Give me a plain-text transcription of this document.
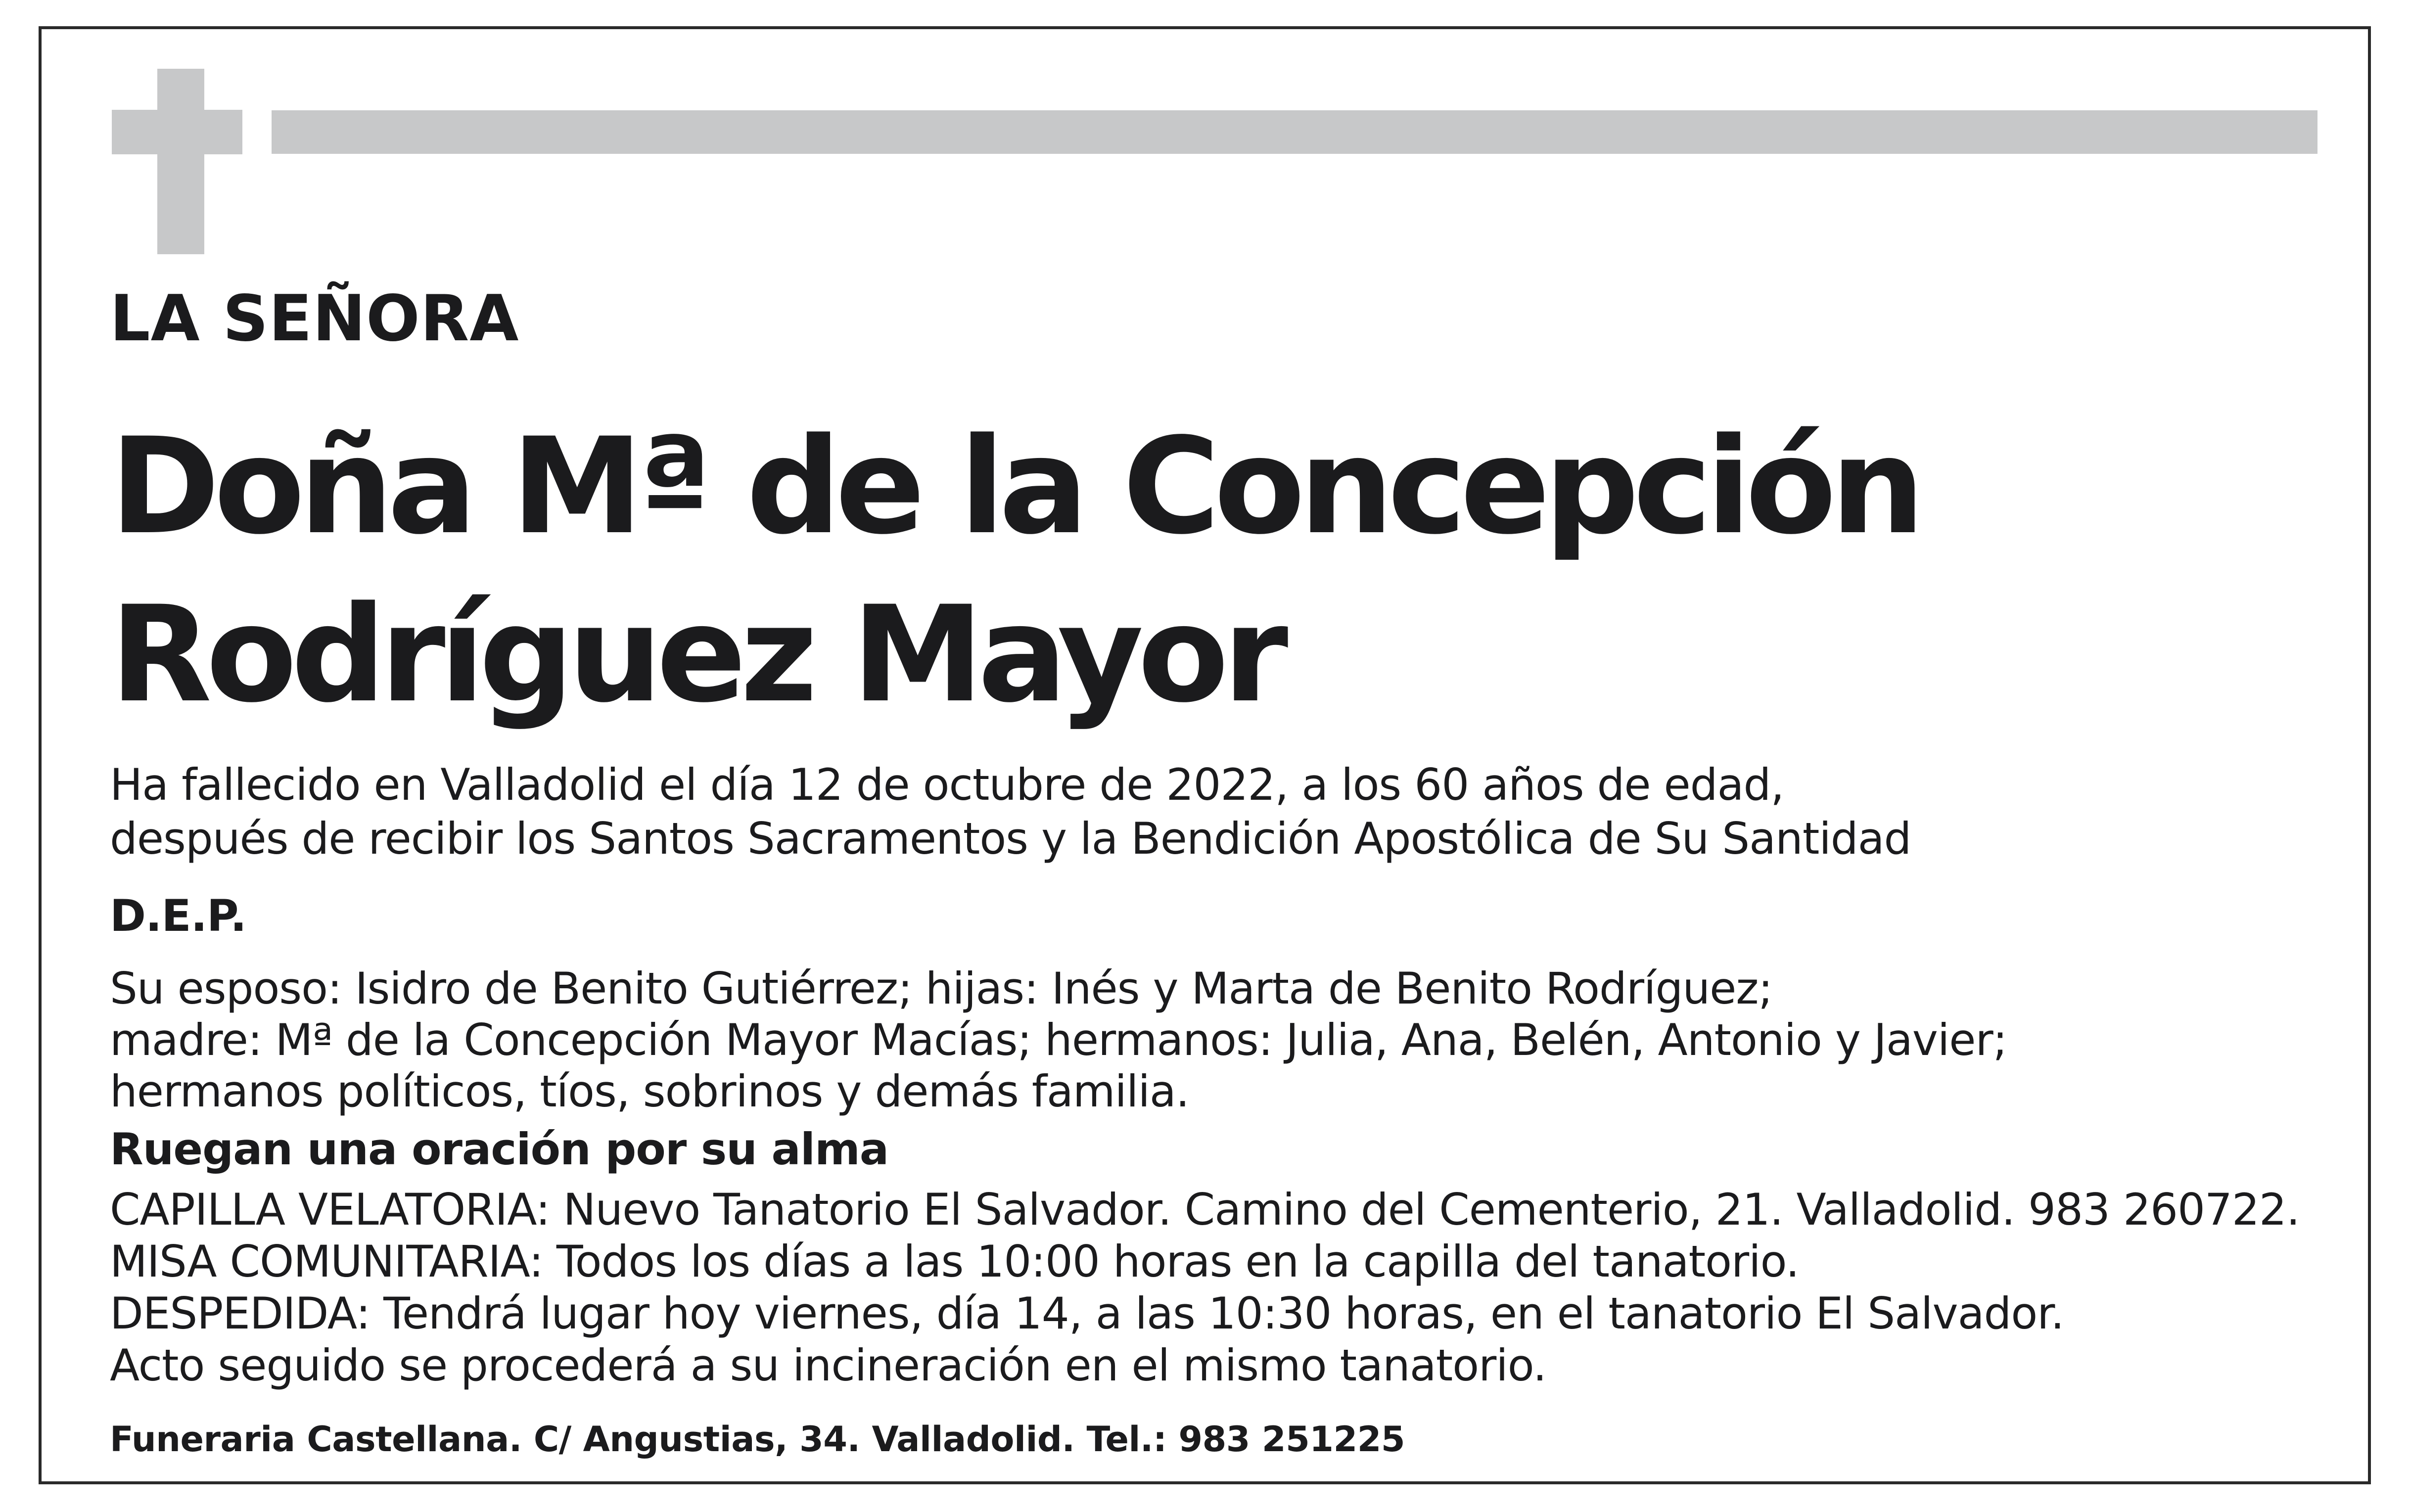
LA SEÑORA

Doña Mª de la Concepción

Rodríguez Mayor

Ha fallecido en Valladolid el día 12 de octubre de 2022, a los 60 años de edad,

después de recibir los Santos Sacramentos y la Bendición Apostólica de Su Santidad

D.E.P.

Su esposo: Isidro de Benito Gutiérrez; hijas: Inés y Marta de Benito Rodríguez;

madre: Mª de la Concepción Mayor Macías; hermanos: Julia, Ana, Belén, Antonio y Javier;

hermanos políticos, tíos, sobrinos y demás familia.

Ruegan una oración por su alma

CAPILLA VELATORIA: Nuevo Tanatorio El Salvador. Camino del Cementerio, 21. Valladolid. 983 260722.

MISA COMUNITARIA: Todos los días a las 10:00 horas en la capilla del tanatorio.

DESPEDIDA: Tendrá lugar hoy viernes, día 14, a las 10:30 horas, en el tanatorio El Salvador.

Acto seguido se procederá a su incineración en el mismo tanatorio.

Funeraria Castellana. C/ Angustias, 34. Valladolid. Tel.: 983 251225
